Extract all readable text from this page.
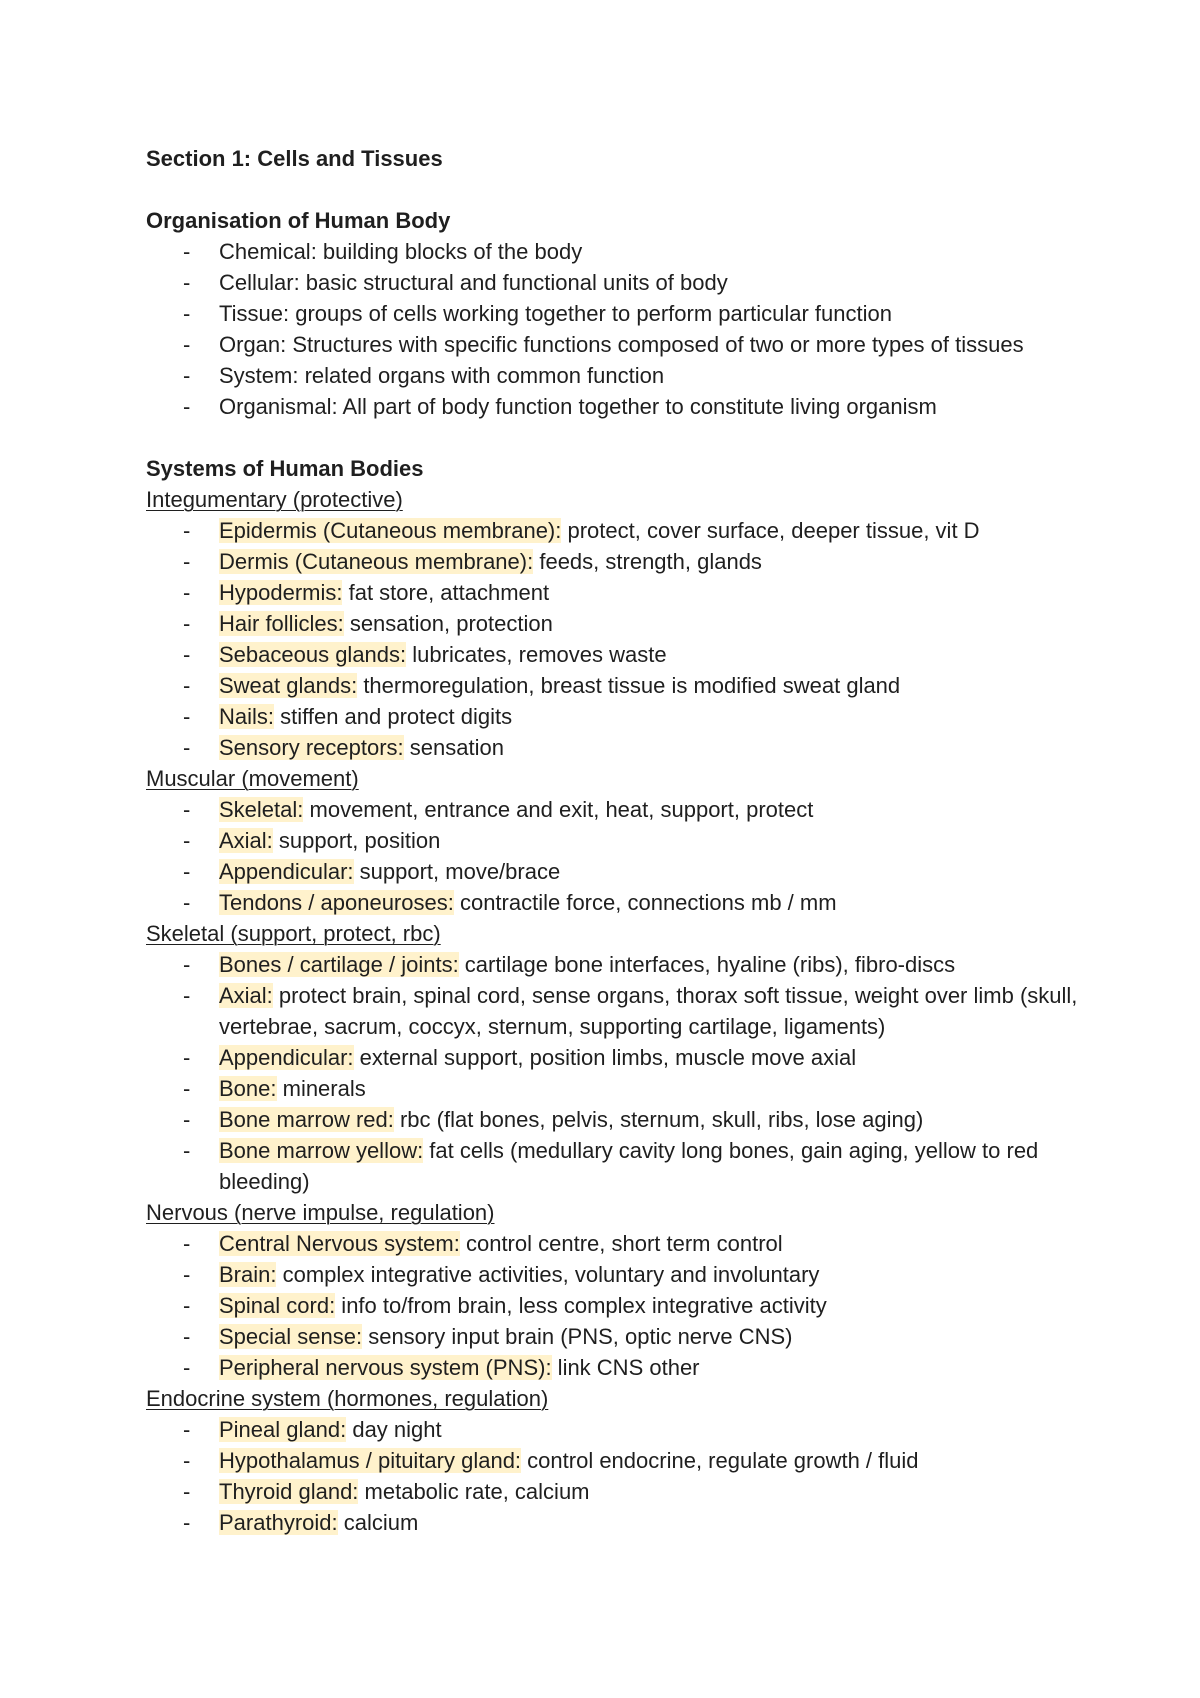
Section 1: Cells and Tissues

Organisation of Human Body

- Chemical: building blocks of the body
- Cellular: basic structural and functional units of body
- Tissue: groups of cells working together to perform particular function
- Organ: Structures with specific functions composed of two or more types of tissues
- System: related organs with common function
- Organismal: All part of body function together to constitute living organism

Systems of Human Bodies

Integumentary (protective)

- Epidermis (Cutaneous membrane): protect, cover surface, deeper tissue, vit D
- Dermis (Cutaneous membrane): feeds, strength, glands
- Hypodermis: fat store, attachment
- Hair follicles: sensation, protection
- Sebaceous glands: lubricates, removes waste
- Sweat glands: thermoregulation, breast tissue is modified sweat gland
- Nails: stiffen and protect digits
- Sensory receptors: sensation

Muscular (movement)

- Skeletal: movement, entrance and exit, heat, support, protect
- Axial: support, position
- Appendicular: support, move/brace
- Tendons / aponeuroses: contractile force, connections mb / mm

Skeletal (support, protect, rbc)

- Bones / cartilage / joints: cartilage bone interfaces, hyaline (ribs), fibro-discs
- Axial: protect brain, spinal cord, sense organs, thorax soft tissue, weight over limb (skull, vertebrae, sacrum, coccyx, sternum, supporting cartilage, ligaments)
- Appendicular: external support, position limbs, muscle move axial
- Bone: minerals
- Bone marrow red: rbc (flat bones, pelvis, sternum, skull, ribs, lose aging)
- Bone marrow yellow: fat cells (medullary cavity long bones, gain aging, yellow to red bleeding)

Nervous (nerve impulse, regulation)

- Central Nervous system: control centre, short term control
- Brain: complex integrative activities, voluntary and involuntary
- Spinal cord: info to/from brain, less complex integrative activity
- Special sense: sensory input brain (PNS, optic nerve CNS)
- Peripheral nervous system (PNS): link CNS other

Endocrine system (hormones, regulation)

- Pineal gland: day night
- Hypothalamus / pituitary gland: control endocrine, regulate growth / fluid
- Thyroid gland: metabolic rate, calcium
- Parathyroid: calcium
